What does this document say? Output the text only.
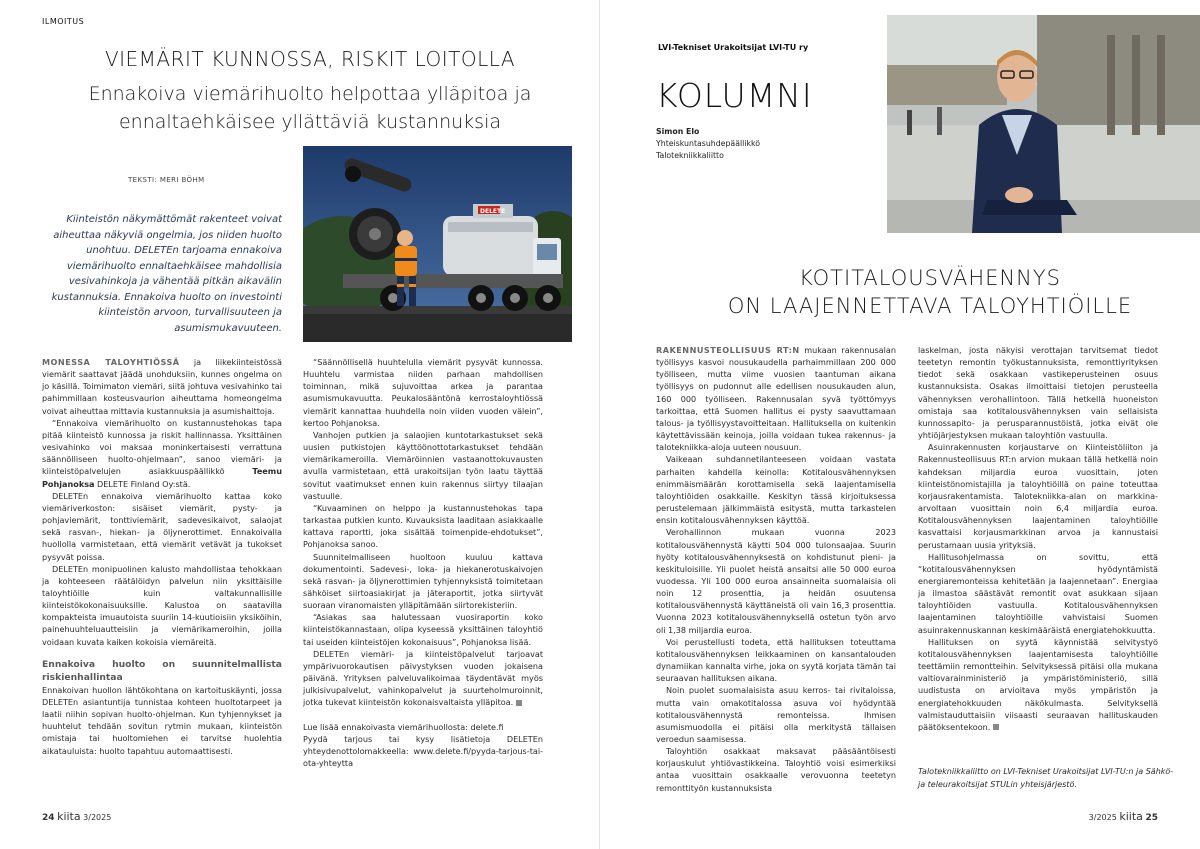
ILMOITUS
VIEMÄRIT KUNNOSSA, RISKIT LOITOLLA
Ennakoiva viemärihuolto helpottaa ylläpitoa ja ennaltaehkäisee yllättäviä kustannuksia
TEKSTI: MERI BÖHM
Kiinteistön näkymättömät rakenteet voivat aiheuttaa näkyviä ongelmia, jos niiden huolto unohtuu. DELETEn tarjoama ennakoiva viemärihuolto ennaltaehkäisee mahdollisia vesivahinkoja ja vähentää pitkän aikavälin kustannuksia. Ennakoiva huolto on investointi kiinteistön arvoon, turvallisuuteen ja asumismukavuuteen.
DELETE

MONESSA TALOYHTIÖSSÄ ja liikekiinteistössä viemärit saattavat jäädä unohduksiin, kunnes ongelma on jo käsillä. Toimimaton viemäri, siitä johtuva vesivahinko tai pahimmillaan kosteusvaurion aiheuttama homeongelma voivat aiheuttaa mittavia kustannuksia ja asumishaittoja.

“Ennakoiva viemärihuolto on kustannustehokas tapa pitää kiinteistö kunnossa ja riskit hallinnassa. Yksittäinen vesivahinko voi maksaa moninkertaisesti verrattuna säännölliseen huolto-ohjelmaan”, sanoo viemäri- ja kiinteistöpalvelujen asiakkuuspäällikkö Teemu Pohjanoksa DELETE Finland Oy:stä.

DELETEn ennakoiva viemärihuolto kattaa koko viemäriverkoston: sisäiset viemärit, pysty- ja pohjaviemärit, tonttiviemärit, sadevesikaivot, salaojat sekä rasvan-, hiekan- ja öljynerottimet. Ennakoivalla huollolla varmistetaan, että viemärit vetävät ja tukokset pysyvät poissa.

DELETEn monipuolinen kalusto mahdollistaa tehokkaan ja kohteeseen räätälöidyn palvelun niin yksittäisille taloyhtiöille kuin valtakunnallisille kiinteistökokonaisuuksille. Kalustoa on saatavilla kompakteista imuautoista suuriin 14-kuutioisiin yksiköihin, painehuuhteluautteisiin ja viemärikameroihin, joilla voidaan kuvata kaiken kokoisia viemäreitä.

Ennakoiva huolto on suunnitelmallista riskienhallintaa

Ennakoivan huollon lähtökohtana on kartoituskäynti, jossa DELETEn asiantuntija tunnistaa kohteen huoltotarpeet ja laatii niihin sopivan huolto-ohjelman. Kun tyhjennykset ja huuhtelut tehdään sovitun rytmin mukaan, kiinteistön omistaja tai huoltomiehen ei tarvitse huolehtia aikatauluista: huolto tapahtuu automaattisesti.

“Säännöllisellä huuhtelulla viemärit pysyvät kunnossa. Huuhtelu varmistaa niiden parhaan mahdollisen toiminnan, mikä sujuvoittaa arkea ja parantaa asumismukavuutta. Peukalosääntönä kerrostaloyhtiössä viemärit kannattaa huuhdella noin viiden vuoden välein”, kertoo Pohjanoksa.

Vanhojen putkien ja salaojien kuntotarkastukset sekä uusien putkistojen käyttöönottotarkastukset tehdään viemärikameroilla. Viemäröinnien vastaanottokuvausten avulla varmistetaan, että urakoitsijan työn laatu täyttää sovitut vaatimukset ennen kuin rakennus siirtyy tilaajan vastuulle.

“Kuvaaminen on helppo ja kustannustehokas tapa tarkastaa putkien kunto. Kuvauksista laaditaan asiakkaalle kattava raportti, joka sisältää toimenpide-ehdotukset”, Pohjanoksa sanoo.

Suunnitelmalliseen huoltoon kuuluu kattava dokumentointi. Sadevesi-, loka- ja hiekanerotuskaivojen sekä rasvan- ja öljynerottimien tyhjennyksistä toimitetaan sähköiset siirtoasiakirjat ja jäteraportit, jotka siirtyvät suoraan viranomaisten ylläpitämään siirtorekisteriin.

“Asiakas saa halutessaan vuosiraportin koko kiinteistökannastaan, olipa kyseessä yksittäinen taloyhtiö tai useiden kiinteistöjen kokonaisuus”, Pohjanoksa lisää.

DELETEn viemäri- ja kiinteistöpalvelut tarjoavat ympärivuorokautisen päivystyksen vuoden jokaisena päivänä. Yrityksen palveluvalikoimaa täydentävät myös julkisivupalvelut, vahinkopalvelut ja suurteholmuroinnit, jotka tukevat kiinteistön kokonaisvaltaista ylläpitoa.

Lue lisää ennakoivasta viemärihuollosta: delete.fi

Pyydä tarjous tai kysy lisätietoja DELETEn yhteydenottolomakkeella: www.delete.fi/pyyda-tarjous-tai-ota-yhteytta

24 kiita 3/2025
LVI-Tekniset Urakoitsijat LVI-TU ry
KOLUMNI
Simon Elo
Yhteiskuntasuhdepäällikkö
Talotekniikkaliitto
KOTITALOUSVÄHENNYS
ON LAAJENNETTAVA TALOYHTIÖILLE

RAKENNUSTEOLLISUUS RT:N mukaan rakennusalan työllisyys kasvoi nousukaudella parhaimmillaan 200 000 työlliseen, mutta viime vuosien taantuman aikana työllisyys on pudonnut alle edellisen nousukauden alun, 160 000 työlliseen. Rakennusalan syvä työttömyys tarkoittaa, että Suomen hallitus ei pysty saavuttamaan talous- ja työllisyystavoitteitaan. Hallituksella on kuitenkin käytettävissään keinoja, joilla voidaan tukea rakennus- ja talotekniikka-aloja uuteen nousuun.

Vaikeaan suhdannetilanteeseen voidaan vastata parhaiten kahdella keinolla: Kotitalousvähennyksen enimmäismäärän korottamisella sekä laajentamisella taloyhtiöiden osakkaille. Keskityn tässä kirjoituksessa perustelemaan jälkimmäistä esitystä, mutta tarkastelen ensin kotitalousvähennyksen käyttöä.

Verohallinnon mukaan vuonna 2023 kotitalousvähennystä käytti 504 000 tulonsaajaa. Suurin hyöty kotitalousvähennyksestä on kohdistunut pieni- ja keskituloisille. Yli puolet heistä ansaitsi alle 50 000 euroa vuodessa. Yli 100 000 euroa ansainneita suomalaisia oli noin 12 prosenttia, ja heidän osuutensa kotitalousvähennystä käyttäneistä oli vain 16,3 prosenttia. Vuonna 2023 kotitalousvähennyksellä ostetun työn arvo oli 1,38 miljardia euroa.

Voi perustellusti todeta, että hallituksen toteuttama kotitalousvähennyksen leikkaaminen on kansantalouden dynamiikan kannalta virhe, joka on syytä korjata tämän tai seuraavan hallituksen aikana.

Noin puolet suomalaisista asuu kerros- tai rivitaloissa, mutta vain omakotitalossa asuva voi hyödyntää kotitalousvähennystä remonteissa. Ihmisen asumismuodolla ei pitäisi olla merkitystä tällaisen veroedun saamisessa.

Taloyhtiön osakkaat maksavat pääsääntöisesti korjauskulut yhtiövastikkeina. Taloyhtiö voisi esimerkiksi antaa vuosittain osakkaalle verovuonna teetetyn remonttityön kustannuksista

laskelman, josta näkyisi verottajan tarvitsemat tiedot teetetyn remontin työkustannuksista, remonttiyrityksen tiedot sekä osakkaan vastikeperusteinen osuus kustannuksista. Osakas ilmoittaisi tietojen perusteella vähennyksen verohallintoon. Tällä hetkellä huoneiston omistaja saa kotitalousvähennyksen vain sellaisista kunnossapito- ja perusparannustöistä, jotka eivät ole yhtiöjärjestyksen mukaan taloyhtiön vastuulla.

Asuinrakennusten korjaustarve on Kiinteistöliiton ja Rakennusteollisuus RT:n arvion mukaan tällä hetkellä noin kahdeksan miljardia euroa vuosittain, joten kiinteistönomistajilla ja taloyhtiöillä on paine toteuttaa korjausrakentamista. Talotekniikka-alan on markkina-arvoltaan vuosittain noin 6,4 miljardia euroa. Kotitalousvähennyksen laajentaminen taloyhtiöille kasvattaisi korjausmarkkinan arvoa ja kannustaisi perustamaan uusia yrityksiä.

Hallitusohjelmassa on sovittu, että “kotitalousvähennyksen hyödyntämistä energiaremonteissa kehitetään ja laajennetaan”. Energiaa ja ilmastoa säästävät remontit ovat asukkaan sijaan taloyhtiöiden vastuulla. Kotitalousvähennyksen laajentaminen taloyhtiöille vahvistaisi Suomen asuinrakennuskannan keskimääräistä energiatehokkuutta.

Hallituksen on syytä käynnistää selvitystyö kotitalousvähennyksen laajentamisesta taloyhtiöille teettämiin remontteihin. Selvityksessä pitäisi olla mukana valtiovarainministeriö ja ympäristöministeriö, sillä uudistusta on arvioitava myös ympäristön ja energiatehokkuuden näkökulmasta. Selvityksellä valmistauduttaisiin viisaasti seuraavan hallituskauden päätöksentekoon.

Talotekniikkaliitto on LVI-Tekniset Urakoitsijat LVI-TU:n ja Sähkö- ja teleurakoitsijat STULin yhteisjärjestö.
3/2025 kiita 25
